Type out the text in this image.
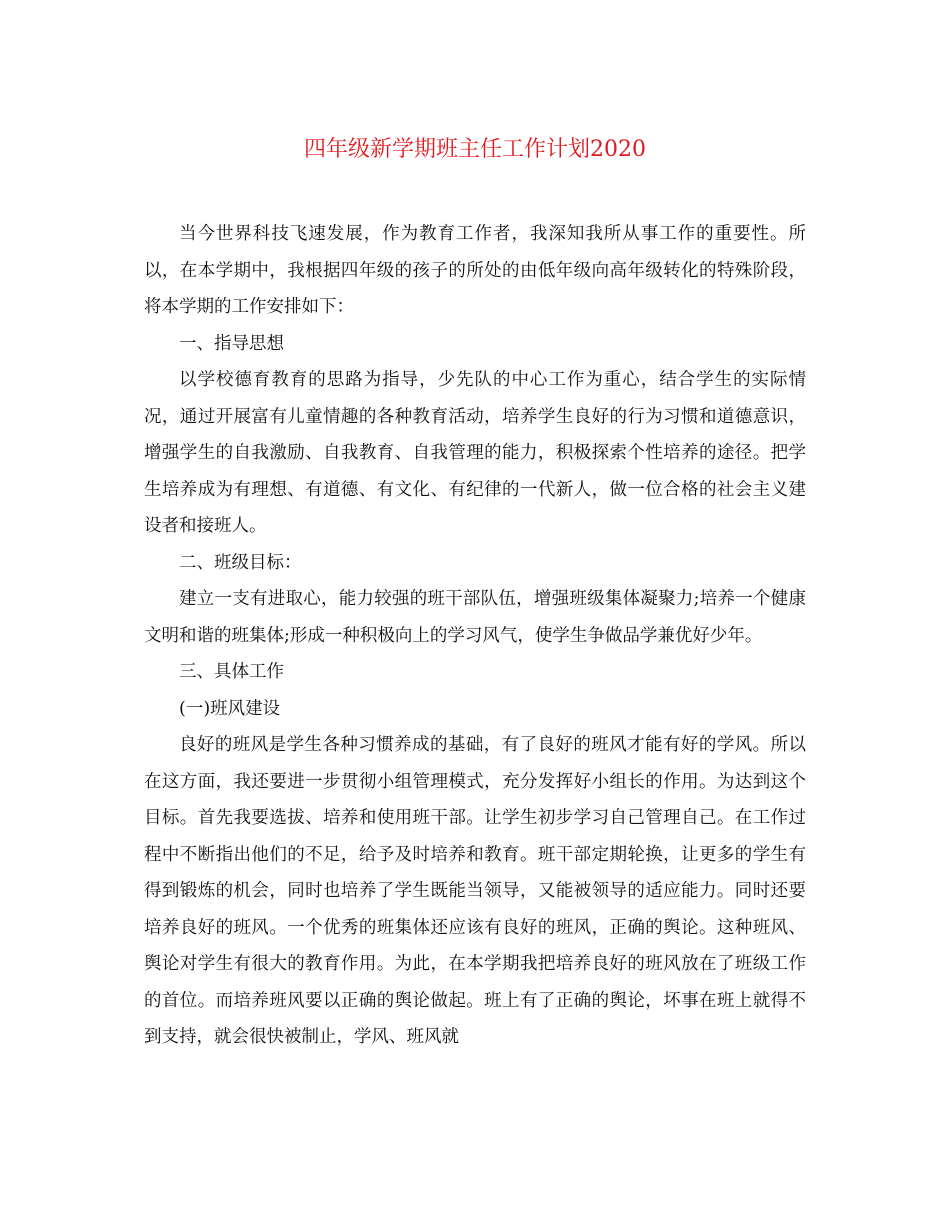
四年级新学期班主任工作计划2020

当今世界科技飞速发展，作为教育工作者，我深知我所从事工作的重要性。所以，在本学期中，我根据四年级的孩子的所处的由低年级向高年级转化的特殊阶段，将本学期的工作安排如下：

一、指导思想

以学校德育教育的思路为指导，少先队的中心工作为重心，结合学生的实际情况，通过开展富有儿童情趣的各种教育活动，培养学生良好的行为习惯和道德意识，增强学生的自我激励、自我教育、自我管理的能力，积极探索个性培养的途径。把学生培养成为有理想、有道德、有文化、有纪律的一代新人，做一位合格的社会主义建设者和接班人。

二、班级目标：

建立一支有进取心，能力较强的班干部队伍，增强班级集体凝聚力;培养一个健康文明和谐的班集体;形成一种积极向上的学习风气，使学生争做品学兼优好少年。

三、具体工作

(一)班风建设

良好的班风是学生各种习惯养成的基础，有了良好的班风才能有好的学风。所以在这方面，我还要进一步贯彻小组管理模式，充分发挥好小组长的作用。为达到这个目标。首先我要选拔、培养和使用班干部。让学生初步学习自己管理自己。在工作过程中不断指出他们的不足，给予及时培养和教育。班干部定期轮换，让更多的学生有得到锻炼的机会，同时也培养了学生既能当领导，又能被领导的适应能力。同时还要培养良好的班风。一个优秀的班集体还应该有良好的班风，正确的舆论。这种班风、舆论对学生有很大的教育作用。为此，在本学期我把培养良好的班风放在了班级工作的首位。而培养班风要以正确的舆论做起。班上有了正确的舆论，坏事在班上就得不到支持，就会很快被制止，学风、班风就
